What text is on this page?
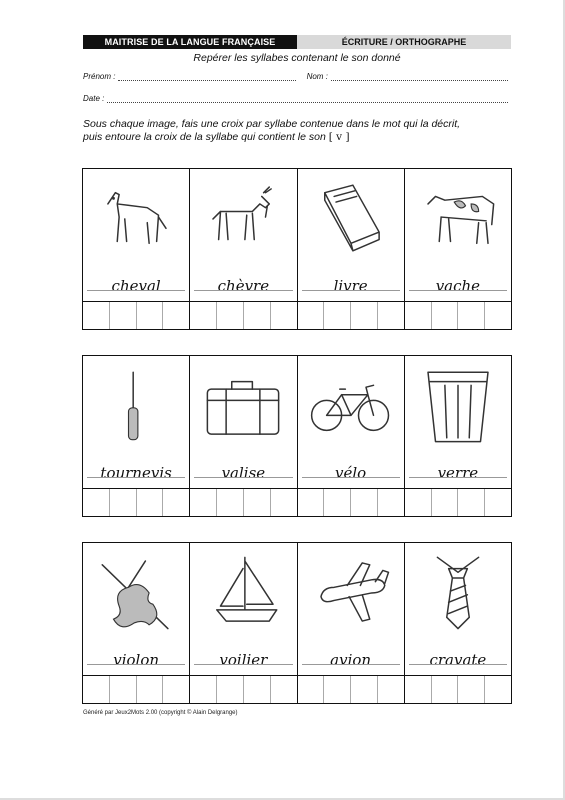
MAITRISE DE LA LANGUE FRANÇAISE	ÉCRITURE / ORTHOGRAPHE
Repérer les syllabes contenant le son donné
Prénom :	Nom :
Date :
Sous chaque image, fais une croix par syllabe contenue dans le mot qui la décrit,
puis entoure la croix de la syllabe qui contient le son [ v ]
cheval	chèvre	livre	vache
tournevis	valise	vélo	verre
violon	voilier	avion	cravate
Généré par Jeux2Mots 2.00 (copyright © Alain Delgrange)
